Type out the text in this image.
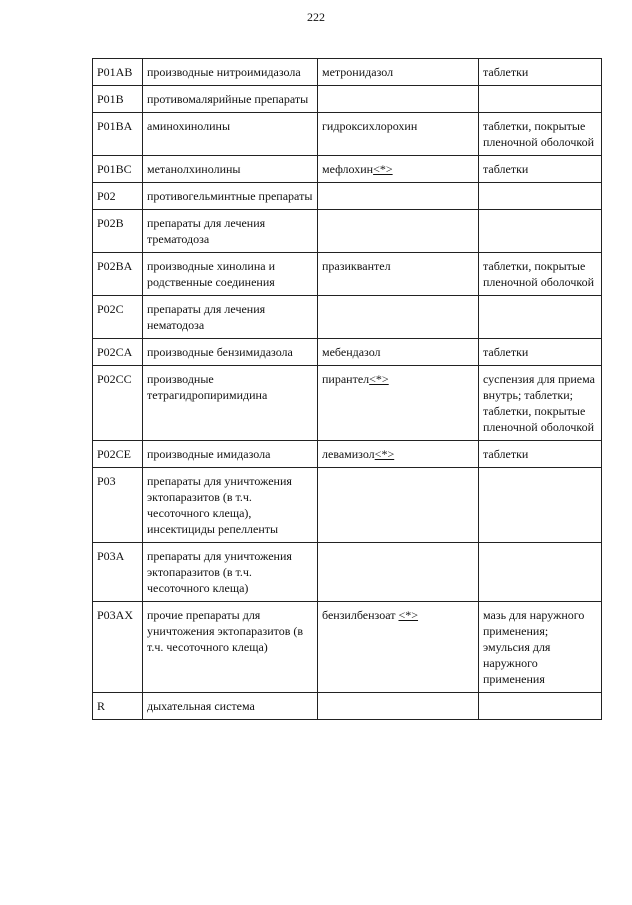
222
P01AB	производные нитроимидазола	метронидазол	таблетки
P01B	противомалярийные препараты		
P01BA	аминохинолины	гидроксихлорохин	таблетки, покрытые пленочной оболочкой
P01BC	метанолхинолины	мефлохин<*>	таблетки
P02	противогельминтные препараты		
P02B	препараты для лечения трематодоза		
P02BA	производные хинолина и родственные соединения	празиквантел	таблетки, покрытые пленочной оболочкой
P02C	препараты для лечения нематодоза		
P02CA	производные бензимидазола	мебендазол	таблетки
P02CC	производные тетрагидропиримидина	пирантел<*>	суспензия для приема внутрь; таблетки; таблетки, покрытые пленочной оболочкой
P02CE	производные имидазола	левамизол<*>	таблетки
P03	препараты для уничтожения эктопаразитов (в т.ч. чесоточного клеща), инсектициды репелленты		
P03A	препараты для уничтожения эктопаразитов (в т.ч. чесоточного клеща)		
P03AX	прочие препараты для уничтожения эктопаразитов (в т.ч. чесоточного клеща)	бензилбензоат <*>	мазь для наружного применения; эмульсия для наружного применения
R	дыхательная система		
